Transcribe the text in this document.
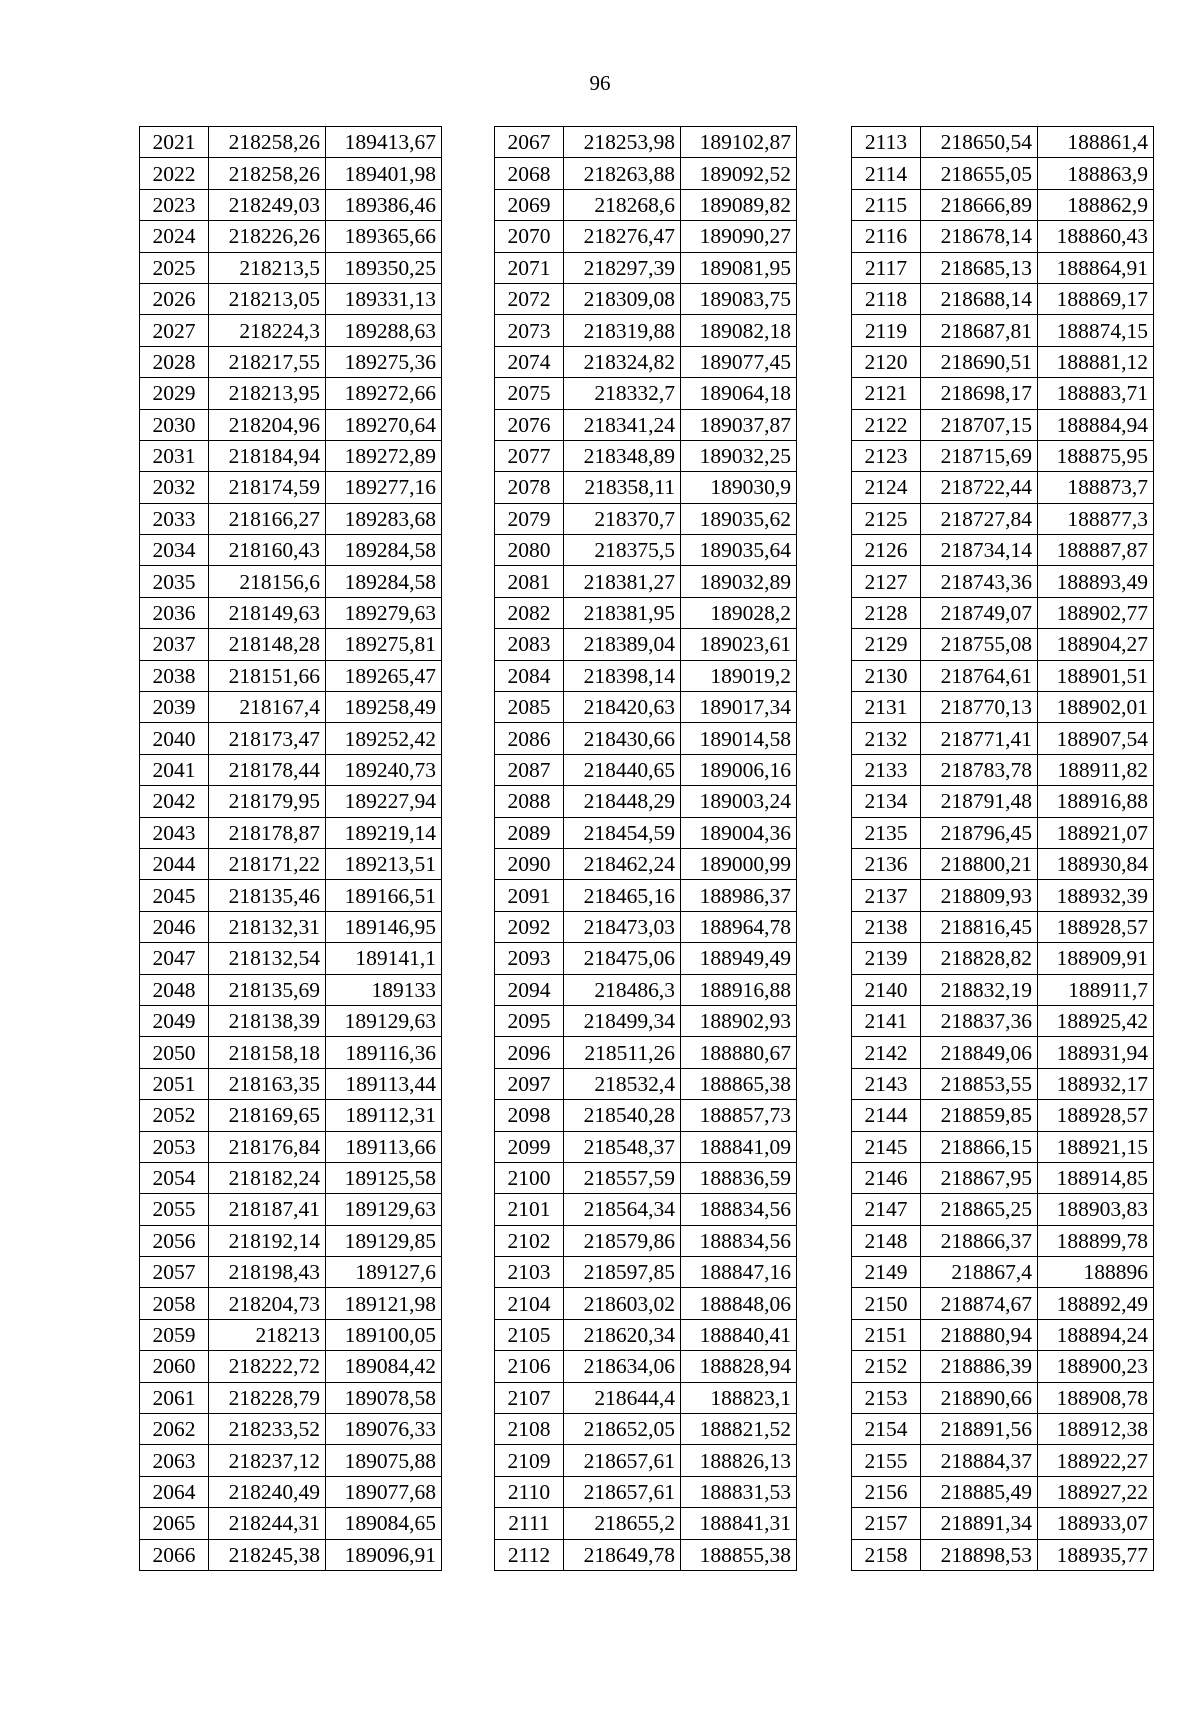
96
2021	218258,26	189413,67
2022	218258,26	189401,98
2023	218249,03	189386,46
2024	218226,26	189365,66
2025	218213,5	189350,25
2026	218213,05	189331,13
2027	218224,3	189288,63
2028	218217,55	189275,36
2029	218213,95	189272,66
2030	218204,96	189270,64
2031	218184,94	189272,89
2032	218174,59	189277,16
2033	218166,27	189283,68
2034	218160,43	189284,58
2035	218156,6	189284,58
2036	218149,63	189279,63
2037	218148,28	189275,81
2038	218151,66	189265,47
2039	218167,4	189258,49
2040	218173,47	189252,42
2041	218178,44	189240,73
2042	218179,95	189227,94
2043	218178,87	189219,14
2044	218171,22	189213,51
2045	218135,46	189166,51
2046	218132,31	189146,95
2047	218132,54	189141,1
2048	218135,69	189133
2049	218138,39	189129,63
2050	218158,18	189116,36
2051	218163,35	189113,44
2052	218169,65	189112,31
2053	218176,84	189113,66
2054	218182,24	189125,58
2055	218187,41	189129,63
2056	218192,14	189129,85
2057	218198,43	189127,6
2058	218204,73	189121,98
2059	218213	189100,05
2060	218222,72	189084,42
2061	218228,79	189078,58
2062	218233,52	189076,33
2063	218237,12	189075,88
2064	218240,49	189077,68
2065	218244,31	189084,65
2066	218245,38	189096,91
2067	218253,98	189102,87
2068	218263,88	189092,52
2069	218268,6	189089,82
2070	218276,47	189090,27
2071	218297,39	189081,95
2072	218309,08	189083,75
2073	218319,88	189082,18
2074	218324,82	189077,45
2075	218332,7	189064,18
2076	218341,24	189037,87
2077	218348,89	189032,25
2078	218358,11	189030,9
2079	218370,7	189035,62
2080	218375,5	189035,64
2081	218381,27	189032,89
2082	218381,95	189028,2
2083	218389,04	189023,61
2084	218398,14	189019,2
2085	218420,63	189017,34
2086	218430,66	189014,58
2087	218440,65	189006,16
2088	218448,29	189003,24
2089	218454,59	189004,36
2090	218462,24	189000,99
2091	218465,16	188986,37
2092	218473,03	188964,78
2093	218475,06	188949,49
2094	218486,3	188916,88
2095	218499,34	188902,93
2096	218511,26	188880,67
2097	218532,4	188865,38
2098	218540,28	188857,73
2099	218548,37	188841,09
2100	218557,59	188836,59
2101	218564,34	188834,56
2102	218579,86	188834,56
2103	218597,85	188847,16
2104	218603,02	188848,06
2105	218620,34	188840,41
2106	218634,06	188828,94
2107	218644,4	188823,1
2108	218652,05	188821,52
2109	218657,61	188826,13
2110	218657,61	188831,53
2111	218655,2	188841,31
2112	218649,78	188855,38
2113	218650,54	188861,4
2114	218655,05	188863,9
2115	218666,89	188862,9
2116	218678,14	188860,43
2117	218685,13	188864,91
2118	218688,14	188869,17
2119	218687,81	188874,15
2120	218690,51	188881,12
2121	218698,17	188883,71
2122	218707,15	188884,94
2123	218715,69	188875,95
2124	218722,44	188873,7
2125	218727,84	188877,3
2126	218734,14	188887,87
2127	218743,36	188893,49
2128	218749,07	188902,77
2129	218755,08	188904,27
2130	218764,61	188901,51
2131	218770,13	188902,01
2132	218771,41	188907,54
2133	218783,78	188911,82
2134	218791,48	188916,88
2135	218796,45	188921,07
2136	218800,21	188930,84
2137	218809,93	188932,39
2138	218816,45	188928,57
2139	218828,82	188909,91
2140	218832,19	188911,7
2141	218837,36	188925,42
2142	218849,06	188931,94
2143	218853,55	188932,17
2144	218859,85	188928,57
2145	218866,15	188921,15
2146	218867,95	188914,85
2147	218865,25	188903,83
2148	218866,37	188899,78
2149	218867,4	188896
2150	218874,67	188892,49
2151	218880,94	188894,24
2152	218886,39	188900,23
2153	218890,66	188908,78
2154	218891,56	188912,38
2155	218884,37	188922,27
2156	218885,49	188927,22
2157	218891,34	188933,07
2158	218898,53	188935,77
